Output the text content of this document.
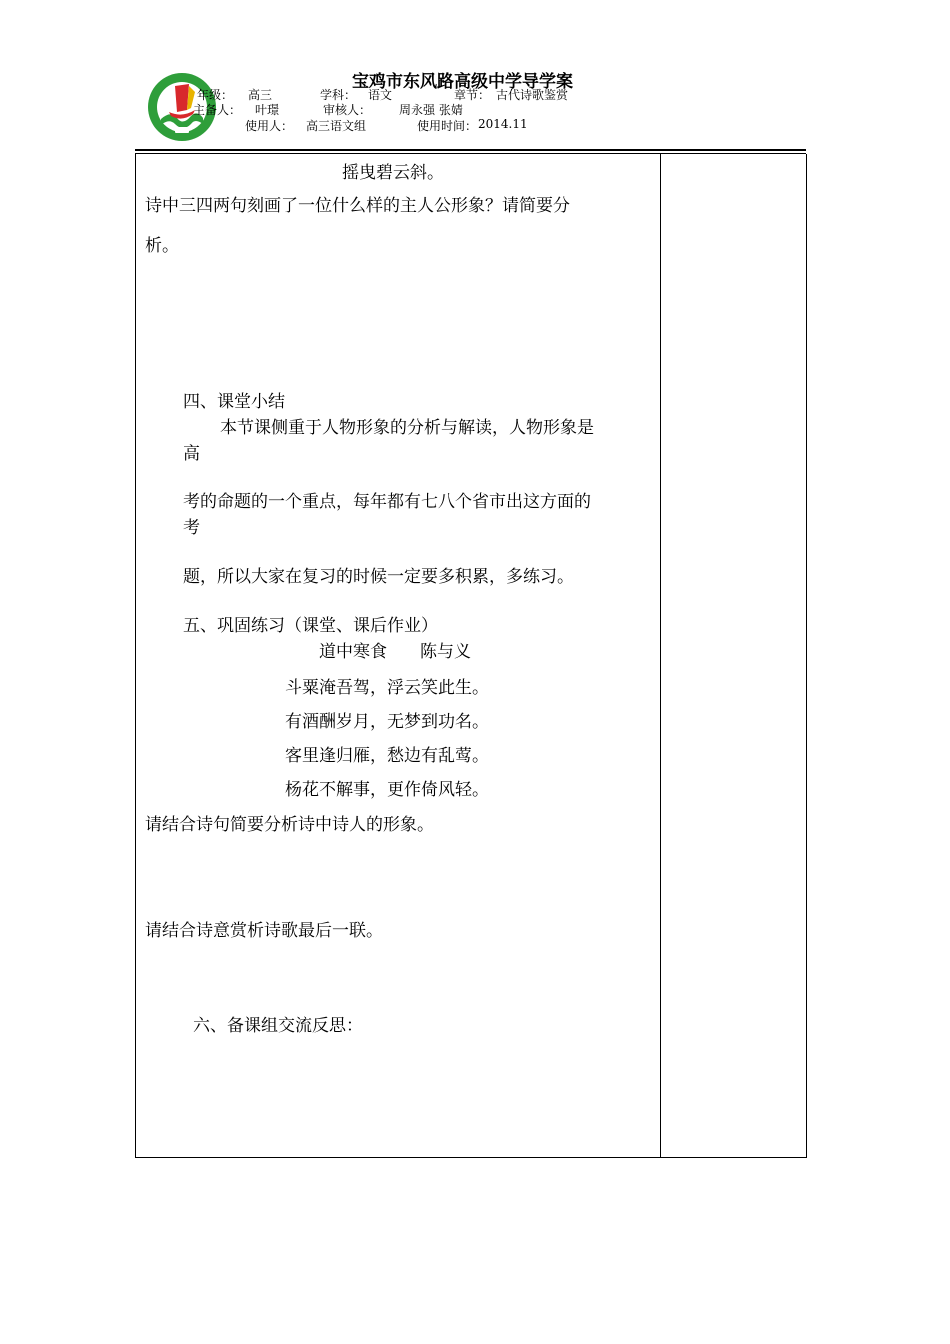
宝鸡市东风路高级中学导学案
年级： 高三	学科： 语文	章节： 古代诗歌鉴赏
主备人： 叶璟	审核人： 周永强 张婧
使用人： 高三语文组	使用时间： 2014.11
摇曳碧云斜。
诗中三四两句刻画了一位什么样的主人公形象？请简要分
析。
四、课堂小结
本节课侧重于人物形象的分析与解读，人物形象是
高
考的命题的一个重点，每年都有七八个省市出这方面的
考
题，所以大家在复习的时候一定要多积累，多练习。
五、巩固练习（课堂、课后作业）
道中寒食 陈与义
斗粟淹吾驾，浮云笑此生。
有酒酬岁月，无梦到功名。
客里逢归雁，愁边有乱莺。
杨花不解事，更作倚风轻。
请结合诗句简要分析诗中诗人的形象。
请结合诗意赏析诗歌最后一联。
六、备课组交流反思：
